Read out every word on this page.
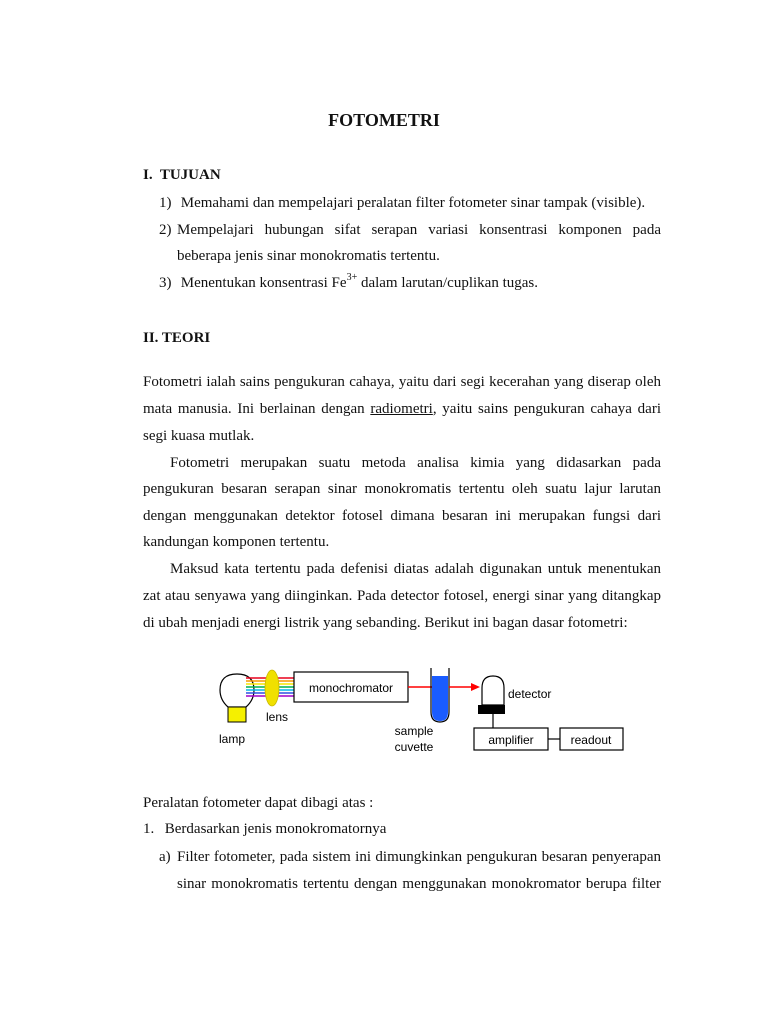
FOTOMETRI
I. TUJUAN
1) Memahami dan mempelajari peralatan filter fotometer sinar tampak (visible).
2) Mempelajari hubungan sifat serapan variasi konsentrasi komponen pada
beberapa jenis sinar monokromatis tertentu.
3) Menentukan konsentrasi $Fe^{3+}$ dalam larutan/cuplikan tugas.
II. TEORI
Fotometri ialah sains pengukuran cahaya, yaitu dari segi kecerahan yang diserap oleh
mata manusia. Ini berlainan dengan radiometri, yaitu sains pengukuran cahaya dari
segi kuasa mutlak.
Fotometri merupakan suatu metoda analisa kimia yang didasarkan pada
pengukuran besaran serapan sinar monokromatis tertentu oleh suatu lajur larutan
dengan menggunakan detektor fotosel dimana besaran ini merupakan fungsi dari
kandungan komponen tertentu.
Maksud kata tertentu pada defenisi diatas adalah digunakan untuk menentukan
zat atau senyawa yang diinginkan. Pada detector fotosel, energi sinar yang ditangkap
di ubah menjadi energi listrik yang sebanding. Berikut ini bagan dasar fotometri:
monochromator	detector
lamp
lens
sample
cuvette	amplifier	readout
Peralatan fotometer dapat dibagi atas :
1. Berdasarkan jenis monokromatornya
a) Filter fotometer, pada sistem ini dimungkinkan pengukuran besaran penyerapan
sinar monokromatis tertentu dengan menggunakan monokromator berupa filter
